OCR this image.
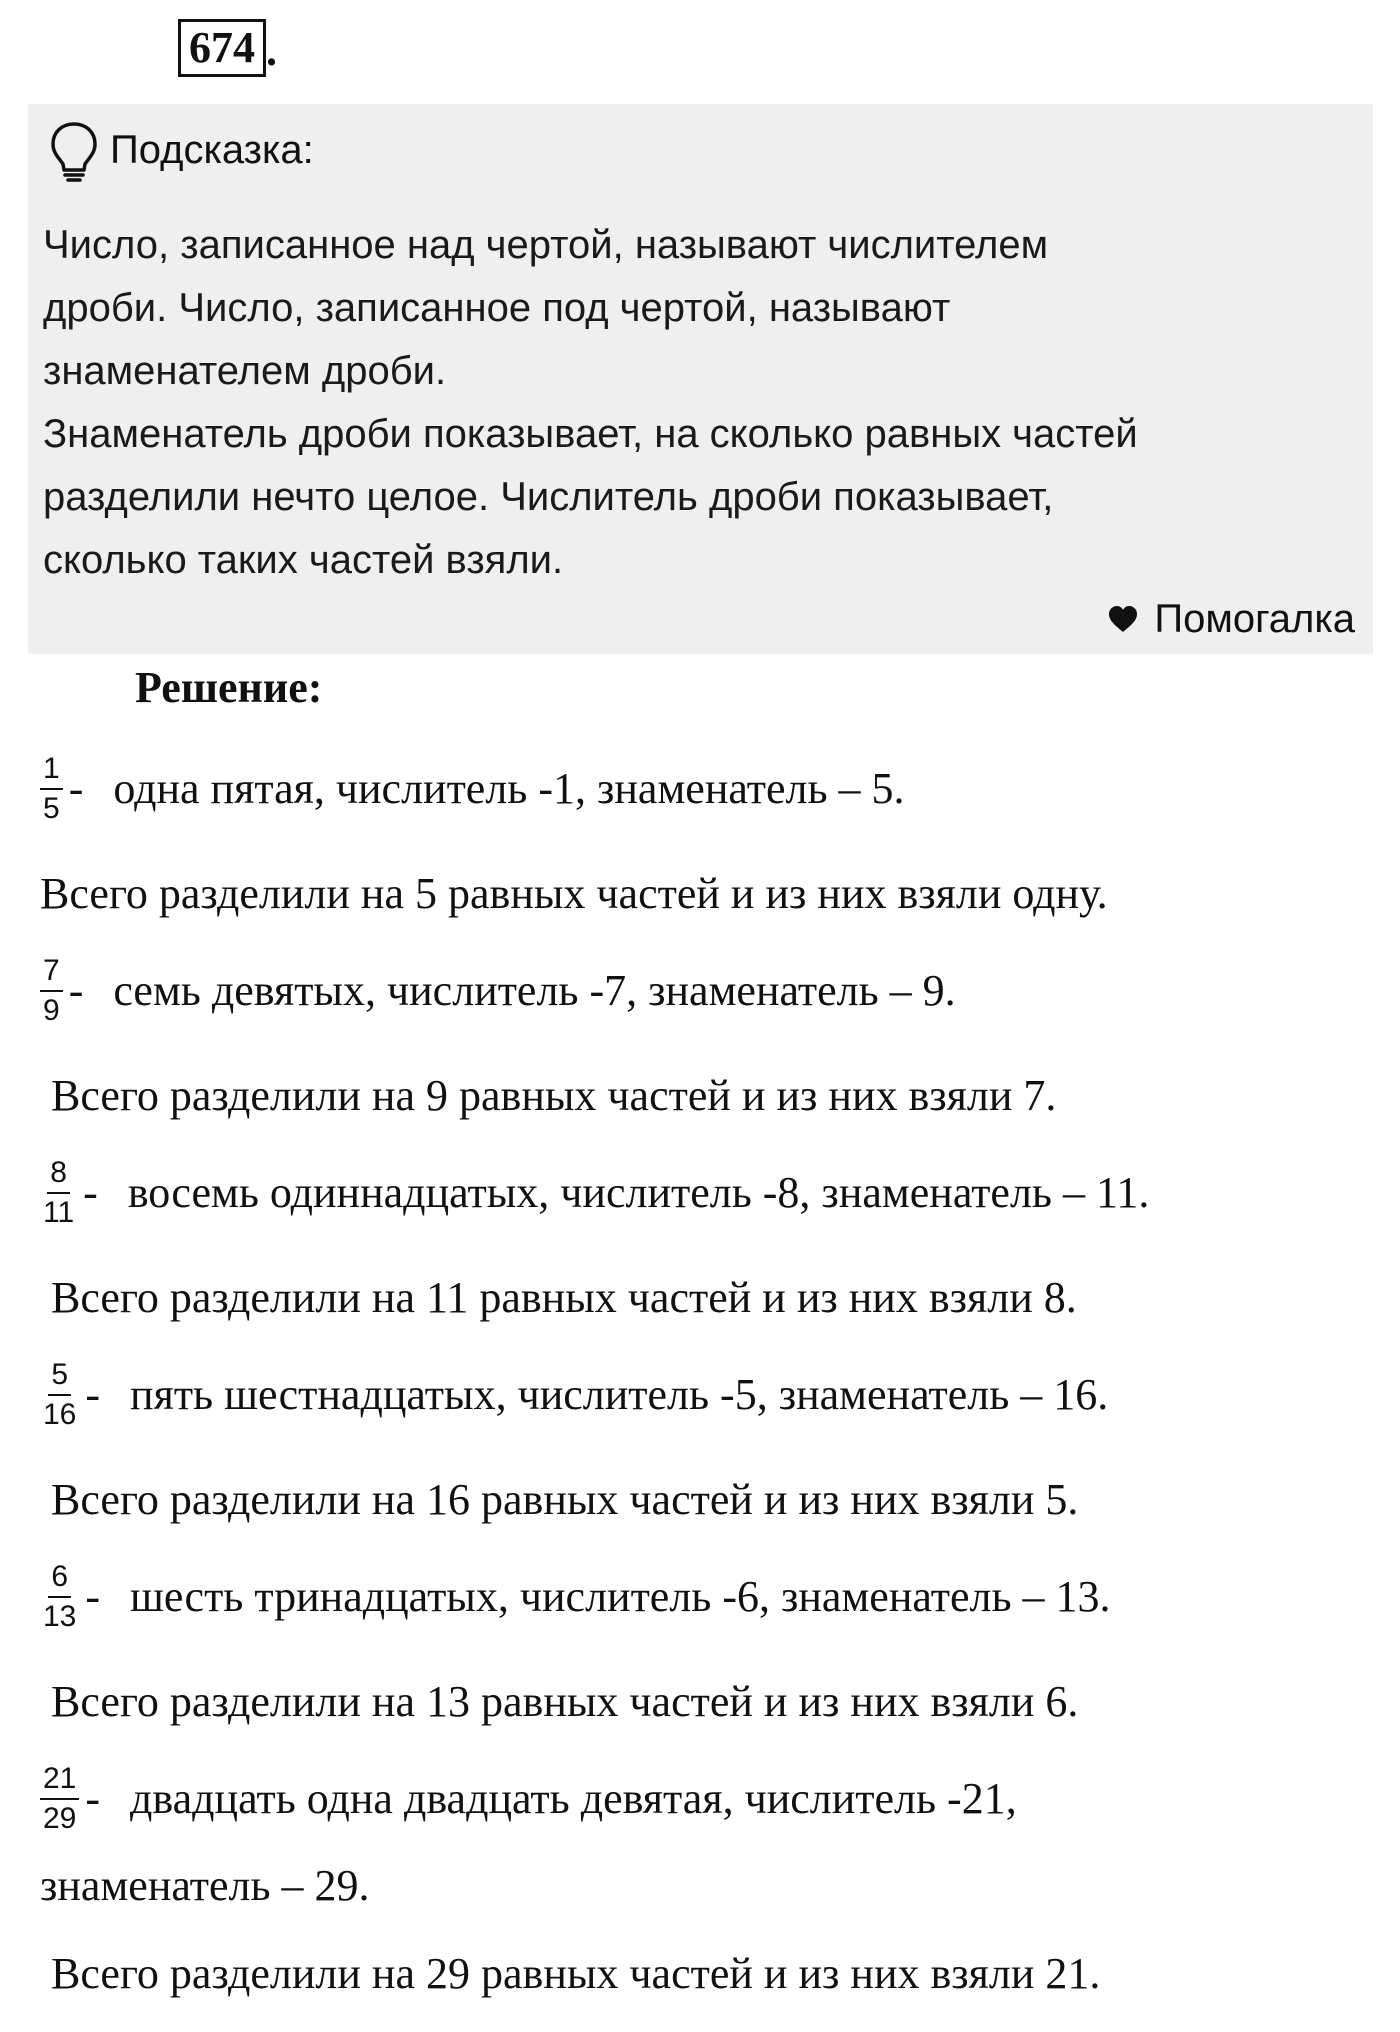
674 .
Подсказка:

Число, записанное над чертой, называют числителем

дроби. Число, записанное под чертой, называют

знаменателем дроби.

Знаменатель дроби показывает, на сколько равных частей

разделили нечто целое. Числитель дроби показывает,

сколько таких частей взяли.

Помогалка
Решение:
$\frac{1}{5}$ - одна пятая, числитель -1, знаменатель – 5.
Всего разделили на 5 равных частей и из них взяли одну.
$\frac{7}{9}$ - семь девятых, числитель -7, знаменатель – 9.
Всего разделили на 9 равных частей и из них взяли 7.
$\frac{8}{11}$ - восемь одиннадцатых, числитель -8, знаменатель – 11.
Всего разделили на 11 равных частей и из них взяли 8.
$\frac{5}{16}$ - пять шестнадцатых, числитель -5, знаменатель – 16.
Всего разделили на 16 равных частей и из них взяли 5.
$\frac{6}{13}$ - шесть тринадцатых, числитель -6, знаменатель – 13.
Всего разделили на 13 равных частей и из них взяли 6.
$\frac{21}{29}$ - двадцать одна двадцать девятая, числитель -21,
знаменатель – 29.
Всего разделили на 29 равных частей и из них взяли 21.
